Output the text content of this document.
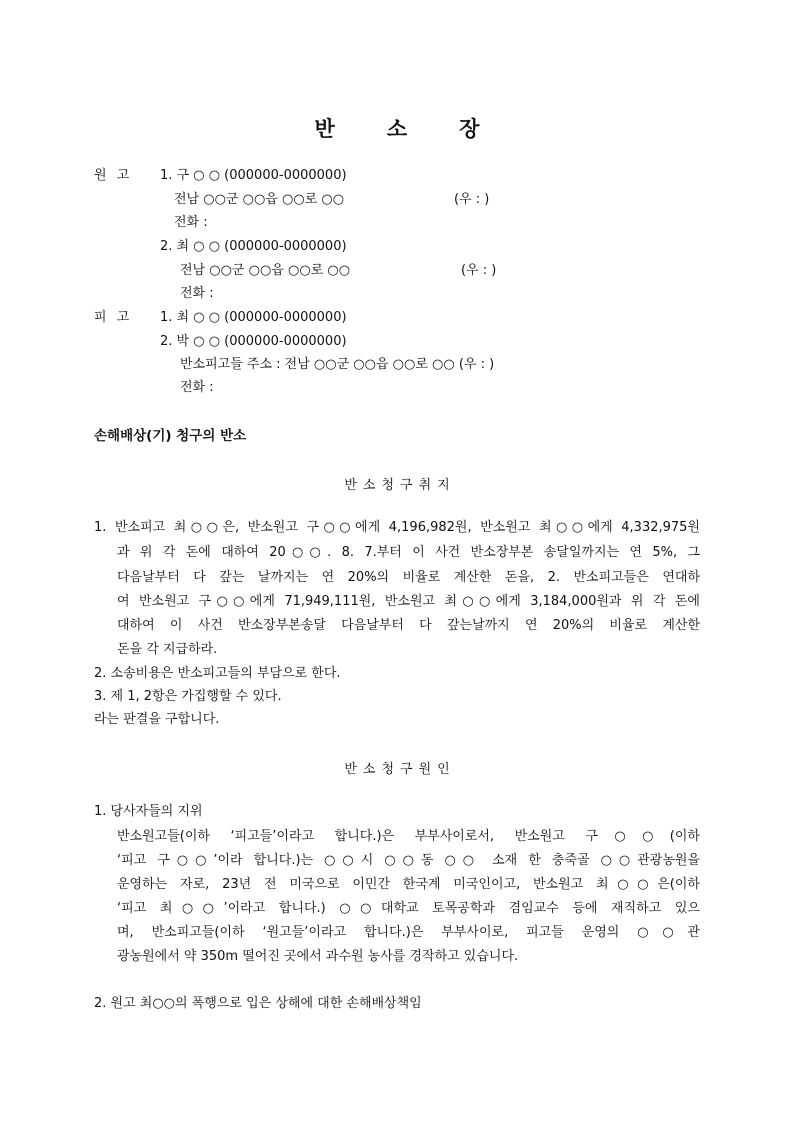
반 소 장
원 고 1. 구 ○ ○ (000000-0000000)
전남 ○○군 ○○읍 ○○로 ○○	(우 : )
전화 :
2. 최 ○ ○ (000000-0000000)
전남 ○○군 ○○읍 ○○로 ○○	(우 : )
전화 :
피 고 1. 최 ○ ○ (000000-0000000)
2. 박 ○ ○ (000000-0000000)
반소피고들 주소 : 전남 ○○군 ○○읍 ○○로 ○○ (우 : )
전화 :
손해배상(기) 청구의 반소
반 소 청 구 취 지
1. 반소피고 최○○은, 반소원고 구○○에게 4,196,982원, 반소원고 최○○에게 4,332,975원
과 위 각 돈에 대하여 20○○. 8. 7.부터 이 사건 반소장부본 송달일까지는 연 5%, 그
다음날부터 다 갚는 날까지는 연 20%의 비율로 계산한 돈을, 2. 반소피고들은 연대하
여 반소원고 구○○에게 71,949,111원, 반소원고 최○○에게 3,184,000원과 위 각 돈에
대하여 이 사건 반소장부본송달 다음날부터 다 갚는날까지 연 20%의 비율로 계산한
돈을 각 지급하라.
2. 소송비용은 반소피고들의 부담으로 한다.
3. 제 1, 2항은 가집행할 수 있다.
라는 판결을 구합니다.
반 소 청 구 원 인
1. 당사자들의 지위
반소원고들(이하 ‘피고들’이라고 합니다.)은 부부사이로서, 반소원고 구○○(이하
‘피고 구○○’이라 합니다.)는 ○○시 ○○동 ○○ 소재 한 충죽골 ○○관광농원을
운영하는 자로, 23년 전 미국으로 이민간 한국계 미국인이고, 반소원고 최○○은(이하
‘피고 최○○’이라고 합니다.) ○○대학교 토목공학과 겸임교수 등에 재직하고 있으
며, 반소피고들(이하 ‘원고들’이라고 합니다.)은 부부사이로, 피고들 운영의 ○○관
광농원에서 약 350m 떨어진 곳에서 과수원 농사를 경작하고 있습니다.
2. 원고 최○○의 폭행으로 입은 상해에 대한 손해배상책임
